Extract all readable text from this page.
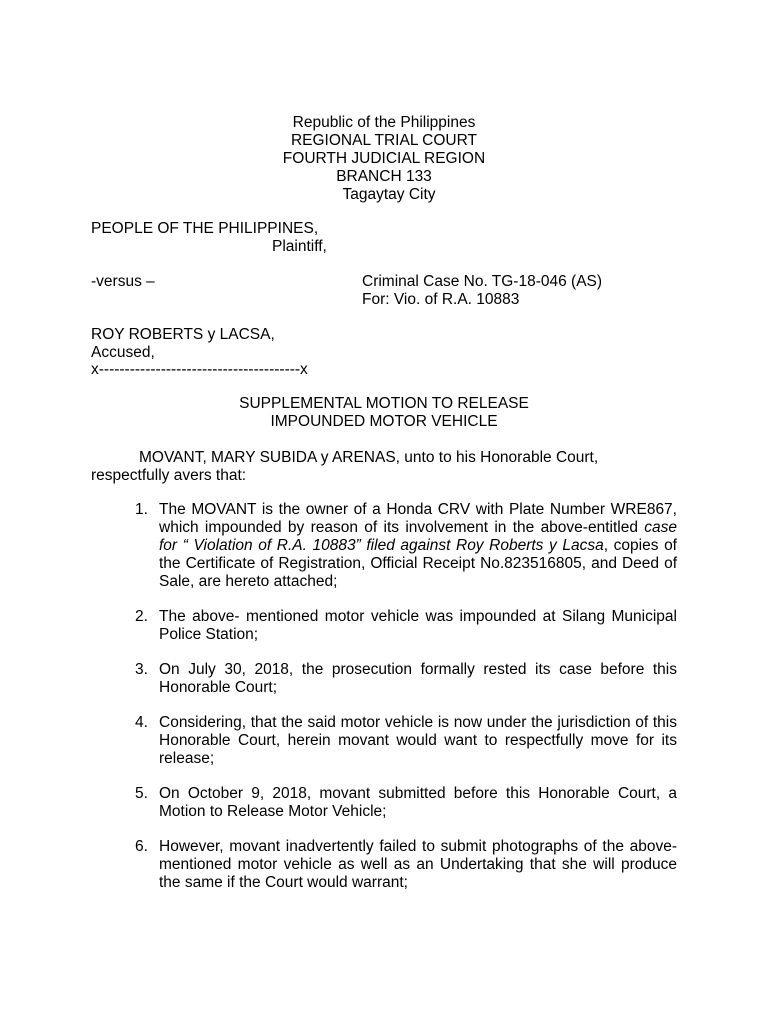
Republic of the Philippines
REGIONAL TRIAL COURT
FOURTH JUDICIAL REGION
BRANCH 133
Tagaytay City
PEOPLE OF THE PHILIPPINES,
Plaintiff,
-versus –	Criminal Case No. TG-18-046 (AS)
For: Vio. of R.A. 10883
ROY ROBERTS y LACSA,
Accused,
x---------------------------------------x
SUPPLEMENTAL MOTION TO RELEASE
IMPOUNDED MOTOR VEHICLE
MOVANT, MARY SUBIDA y ARENAS, unto to his Honorable Court,
respectfully avers that:
1. The MOVANT is the owner of a Honda CRV with Plate Number WRE867, which impounded by reason of its involvement in the above-entitled case for “ Violation of R.A. 10883” filed against Roy Roberts y Lacsa, copies of the Certificate of Registration, Official Receipt No.823516805, and Deed of Sale, are hereto attached;
2. The above- mentioned motor vehicle was impounded at Silang Municipal Police Station;
3. On July 30, 2018, the prosecution formally rested its case before this Honorable Court;
4. Considering, that the said motor vehicle is now under the jurisdiction of this Honorable Court, herein movant would want to respectfully move for its release;
5. On October 9, 2018, movant submitted before this Honorable Court, a Motion to Release Motor Vehicle;
6. However, movant inadvertently failed to submit photographs of the above-mentioned motor vehicle as well as an Undertaking that she will produce the same if the Court would warrant;
